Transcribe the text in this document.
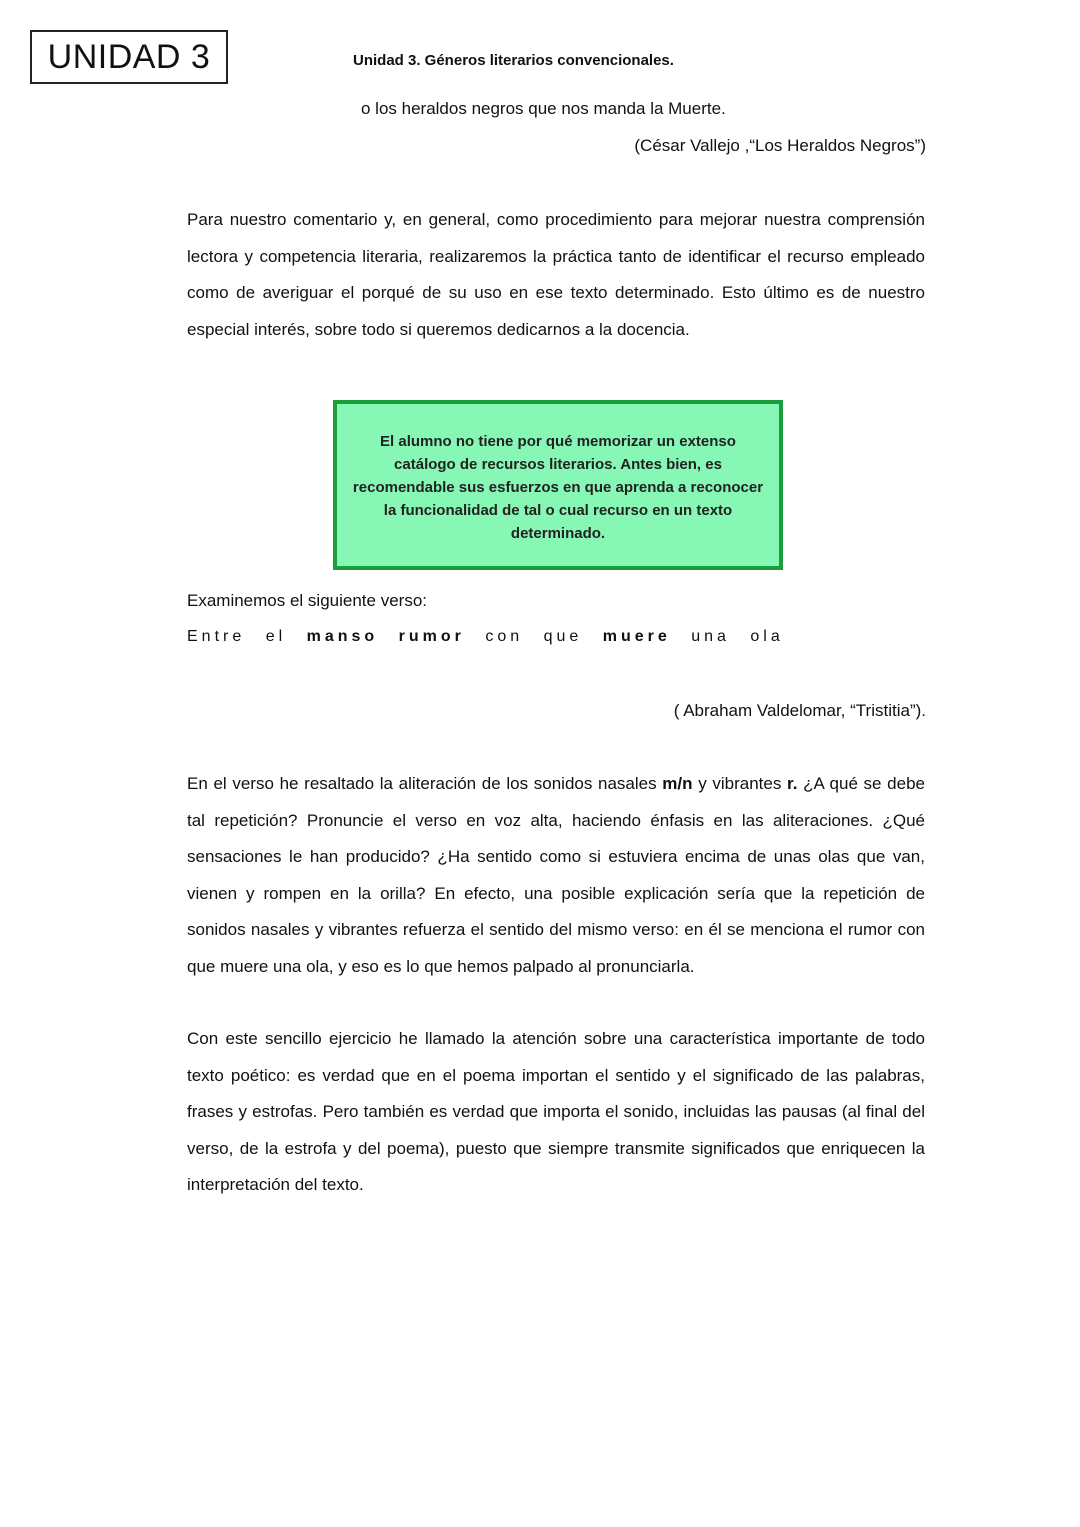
UNIDAD 3	Unidad 3. Géneros literarios convencionales.
o los heraldos negros que nos manda la Muerte.
(César Vallejo ,“Los Heraldos Negros”)

Para nuestro comentario y, en general, como procedimiento para mejorar nuestra comprensión lectora y competencia literaria, realizaremos la práctica tanto de identificar el recurso empleado como de averiguar el porqué de su uso en ese texto determinado. Esto último es de nuestro especial interés, sobre todo si queremos dedicarnos a la docencia.

El alumno no tiene por qué memorizar un extenso catálogo de recursos literarios. Antes bien, es recomendable sus esfuerzos en que aprenda a reconocer la funcionalidad de tal o cual recurso en un texto determinado.
Examinemos el siguiente verso:
Entre el manso rumor con que muere una ola
( Abraham Valdelomar, “Tristitia”).

En el verso he resaltado la aliteración de los sonidos nasales m/n y vibrantes r. ¿A qué se debe tal repetición? Pronuncie el verso en voz alta, haciendo énfasis en las aliteraciones. ¿Qué sensaciones le han producido? ¿Ha sentido como si estuviera encima de unas olas que van, vienen y rompen en la orilla? En efecto, una posible explicación sería que la repetición de sonidos nasales y vibrantes refuerza el sentido del mismo verso: en él se menciona el rumor con que muere una ola, y eso es lo que hemos palpado al pronunciarla.

Con este sencillo ejercicio he llamado la atención sobre una característica importante de todo texto poético: es verdad que en el poema importan el sentido y el significado de las palabras, frases y estrofas. Pero también es verdad que importa el sonido, incluidas las pausas (al final del verso, de la estrofa y del poema), puesto que siempre transmite significados que enriquecen la interpretación del texto.
